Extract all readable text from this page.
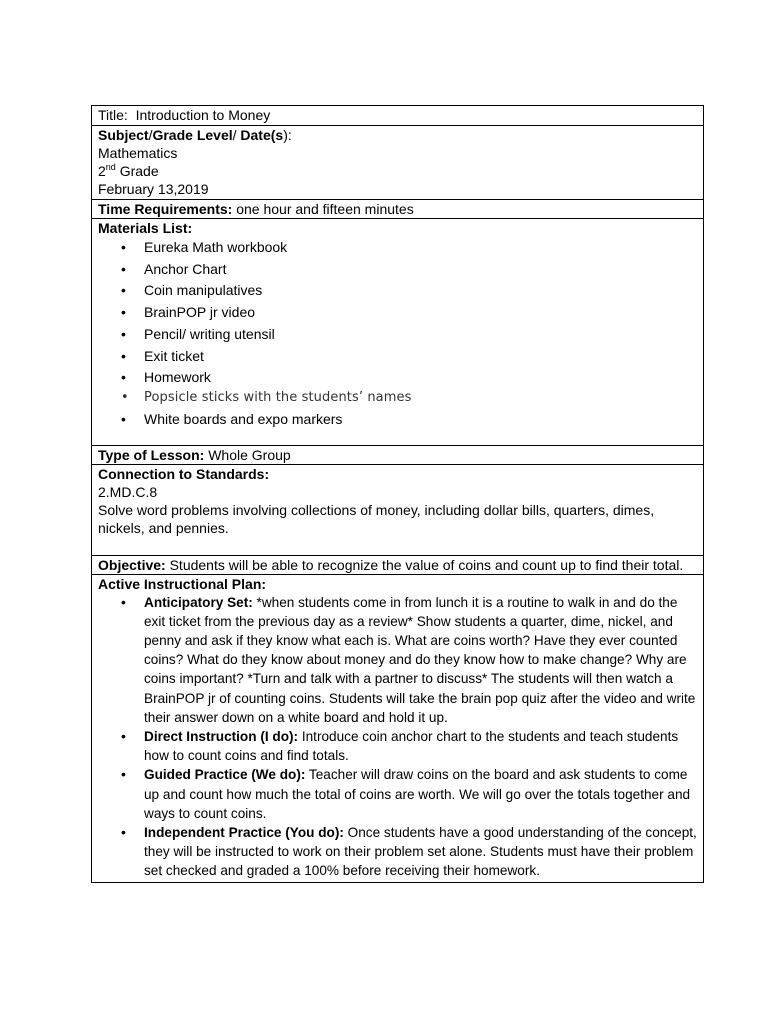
Title: Introduction to Money
Subject/Grade Level/ Date(s):
Mathematics
2nd Grade
February 13,2019
Time Requirements: one hour and fifteen minutes
Materials List:
• Eureka Math workbook
• Anchor Chart
• Coin manipulatives
• BrainPOP jr video
• Pencil/ writing utensil
• Exit ticket
• Homework
• Popsicle sticks with the students’ names
• White boards and expo markers
Type of Lesson: Whole Group
Connection to Standards:
2.MD.C.8
Solve word problems involving collections of money, including dollar bills, quarters, dimes, nickels, and pennies.
Objective: Students will be able to recognize the value of coins and count up to find their total.
Active Instructional Plan:
• Anticipatory Set: *when students come in from lunch it is a routine to walk in and do the exit ticket from the previous day as a review* Show students a quarter, dime, nickel, and penny and ask if they know what each is. What are coins worth? Have they ever counted coins? What do they know about money and do they know how to make change? Why are coins important? *Turn and talk with a partner to discuss* The students will then watch a BrainPOP jr of counting coins. Students will take the brain pop quiz after the video and write their answer down on a white board and hold it up.
• Direct Instruction (I do): Introduce coin anchor chart to the students and teach students how to count coins and find totals.
• Guided Practice (We do): Teacher will draw coins on the board and ask students to come up and count how much the total of coins are worth. We will go over the totals together and ways to count coins.
• Independent Practice (You do): Once students have a good understanding of the concept, they will be instructed to work on their problem set alone. Students must have their problem set checked and graded a 100% before receiving their homework.
